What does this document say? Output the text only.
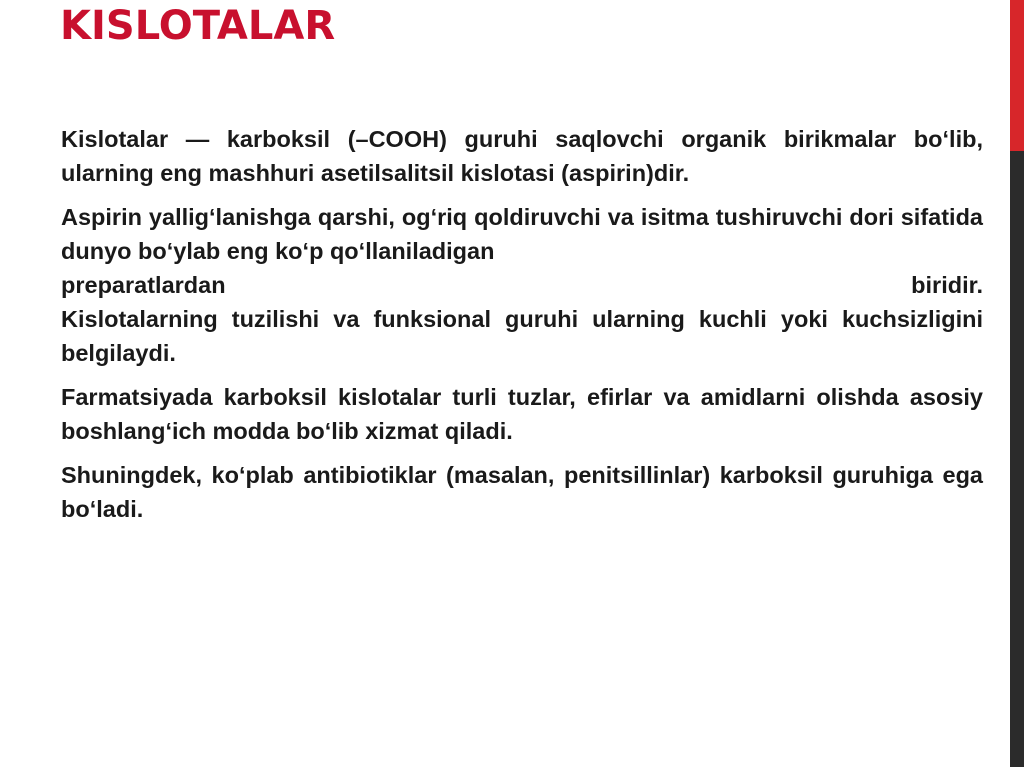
KISLOTALAR

Kislotalar — karboksil (–COOH) guruhi saqlovchi organik birikmalar bo‘lib, ularning eng mashhuri asetilsalitsil kislotasi (aspirin)dir.

Aspirin yallig‘lanishga qarshi, og‘riq qoldiruvchi va isitma tushiruvchi dori sifatida dunyo bo‘ylab eng ko‘p qo‘llaniladigan
preparatlardan	biridir.
Kislotalarning tuzilishi va funksional guruhi ularning kuchli yoki kuchsizligini belgilaydi.

Farmatsiyada karboksil kislotalar turli tuzlar, efirlar va amidlarni olishda asosiy boshlang‘ich modda bo‘lib xizmat qiladi.

Shuningdek, ko‘plab antibiotiklar (masalan, penitsillinlar) karboksil guruhiga ega bo‘ladi.
